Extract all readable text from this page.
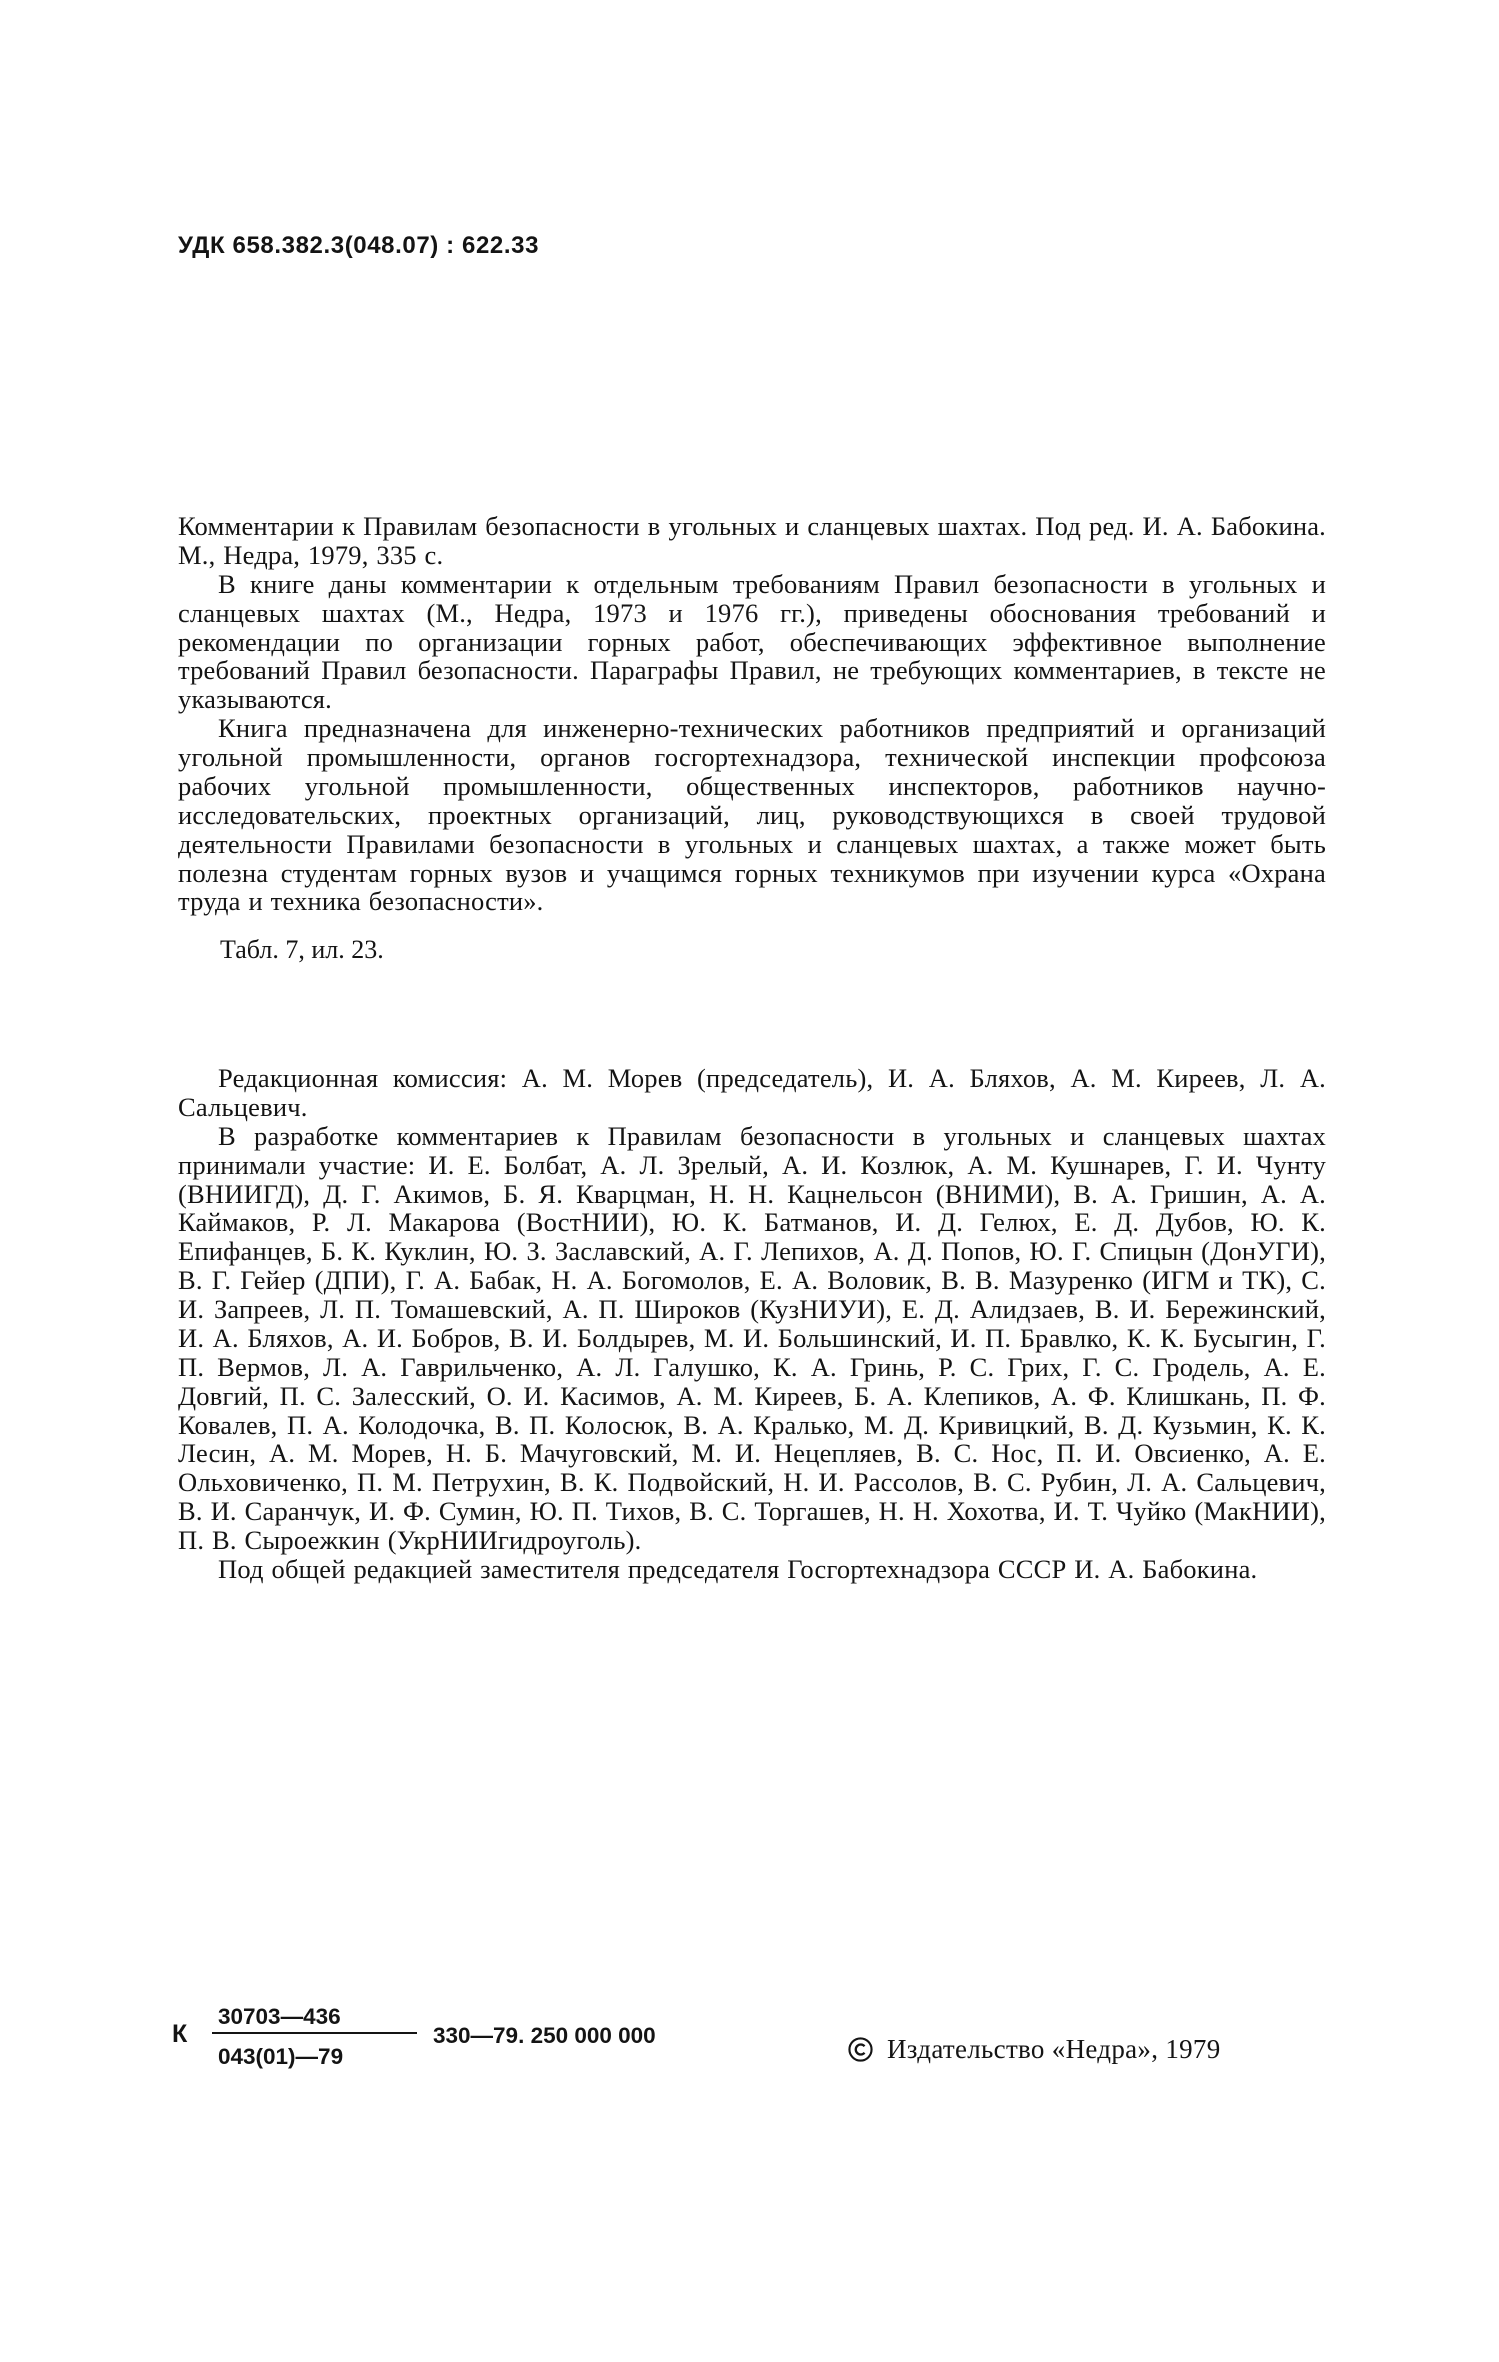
УДК 658.382.3(048.07) : 622.33

Комментарии к Правилам безопасности в угольных и сланцевых шахтах. Под ред. И. А. Бабокина. М., Недра, 1979, 335 с.

В книге даны комментарии к отдельным требованиям Правил безопасности в угольных и сланцевых шахтах (М., Недра, 1973 и 1976 гг.), приведены обоснования требований и рекомендации по организации горных работ, обеспечивающих эффективное выполнение требований Правил безопасности. Параграфы Правил, не требующих комментариев, в тексте не указываются.

Книга предназначена для инженерно-технических работников предприятий и организаций угольной промышленности, органов госгортехнадзора, технической инспекции профсоюза рабочих угольной промышленности, общественных инспекторов, работников научно-исследовательских, проектных организаций, лиц, руководствующихся в своей трудовой деятельности Правилами безопасности в угольных и сланцевых шахтах, а также может быть полезна студентам горных вузов и учащимся горных техникумов при изучении курса «Охрана труда и техника безопасности».

Табл. 7, ил. 23.

Редакционная комиссия: А. М. Морев (председатель), И. А. Бляхов, А. М. Киреев, Л. А. Сальцевич.

В разработке комментариев к Правилам безопасности в угольных и сланцевых шахтах принимали участие: И. Е. Болбат, А. Л. Зрелый, А. И. Козлюк, А. М. Кушнарев, Г. И. Чунту (ВНИИГД), Д. Г. Акимов, Б. Я. Кварцман, Н. Н. Кацнельсон (ВНИМИ), В. А. Гришин, А. А. Каймаков, Р. Л. Макарова (ВостНИИ), Ю. К. Батманов, И. Д. Гелюх, Е. Д. Дубов, Ю. К. Епифанцев, Б. К. Куклин, Ю. З. Заславский, А. Г. Лепихов, А. Д. Попов, Ю. Г. Спицын (ДонУГИ), В. Г. Гейер (ДПИ), Г. А. Бабак, Н. А. Богомолов, Е. А. Воловик, В. В. Мазуренко (ИГМ и ТК), С. И. Запреев, Л. П. Томашевский, А. П. Широков (КузНИУИ), Е. Д. Алидзаев, В. И. Бережинский, И. А. Бляхов, А. И. Бобров, В. И. Болдырев, М. И. Большинский, И. П. Бравлко, К. К. Бусыгин, Г. П. Вермов, Л. А. Гаврильченко, А. Л. Галушко, К. А. Гринь, Р. С. Грих, Г. С. Гродель, А. Е. Довгий, П. С. Залесский, О. И. Касимов, А. М. Киреев, Б. А. Клепиков, А. Ф. Клишкань, П. Ф. Ковалев, П. А. Колодочка, В. П. Колосюк, В. А. Кралько, М. Д. Кривицкий, В. Д. Кузьмин, К. К. Лесин, А. М. Морев, Н. Б. Мачуговский, М. И. Нецепляев, В. С. Нос, П. И. Овсиенко, А. Е. Ольховиченко, П. М. Петрухин, В. К. Подвойский, Н. И. Рассолов, В. С. Рубин, Л. А. Сальцевич, В. И. Саранчук, И. Ф. Сумин, Ю. П. Тихов, В. С. Торгашев, Н. Н. Хохотва, И. Т. Чуйко (МакНИИ), П. В. Сыроежкин (УкрНИИгидроуголь).

Под общей редакцией заместителя председателя Госгортехнадзора СССР И. А. Бабокина.

К
30703—436
043(01)—79
330—79. 250 000 000	Издательство «Недра», 1979
